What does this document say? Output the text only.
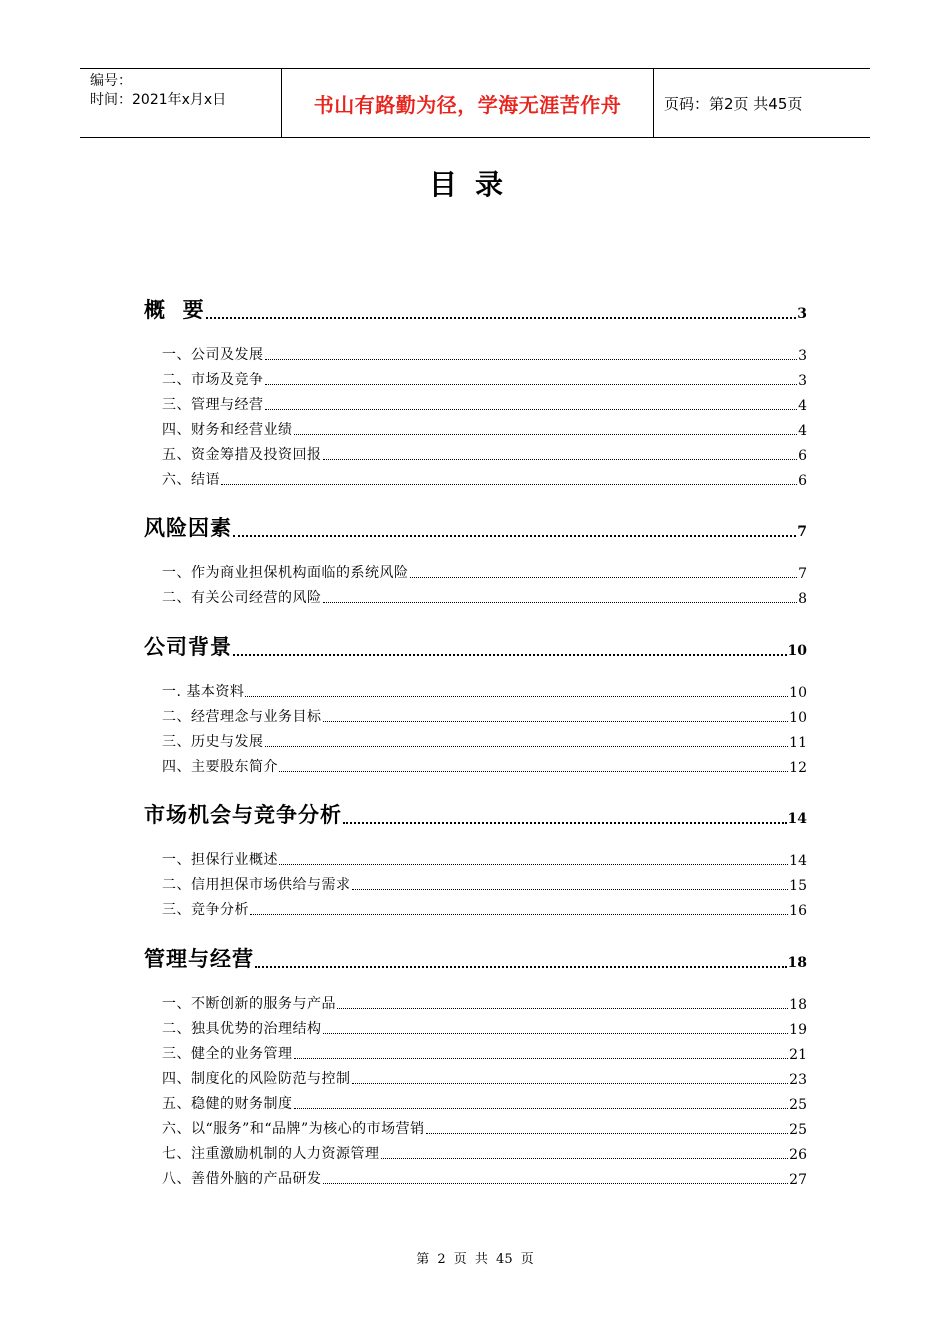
编号：
时间：2021年x月x日	书山有路勤为径，学海无涯苦作舟	页码：第2页 共45页
目录
概  要	3
一、公司及发展	3
二、市场及竞争	3
三、管理与经营	4
四、财务和经营业绩	4
五、资金筹措及投资回报	6
六、结语	6
风险因素	7
一、作为商业担保机构面临的系统风险	7
二、有关公司经营的风险	8
公司背景	10
一. 基本资料	10
二、经营理念与业务目标	10
三、历史与发展	11
四、主要股东简介	12
市场机会与竞争分析	14
一、担保行业概述	14
二、信用担保市场供给与需求	15
三、竞争分析	16
管理与经营	18
一、不断创新的服务与产品	18
二、独具优势的治理结构	19
三、健全的业务管理	21
四、制度化的风险防范与控制	23
五、稳健的财务制度	25
六、以“服务”和“品牌”为核心的市场营销	25
七、注重激励机制的人力资源管理	26
八、善借外脑的产品研发	27
第 2 页 共 45 页
